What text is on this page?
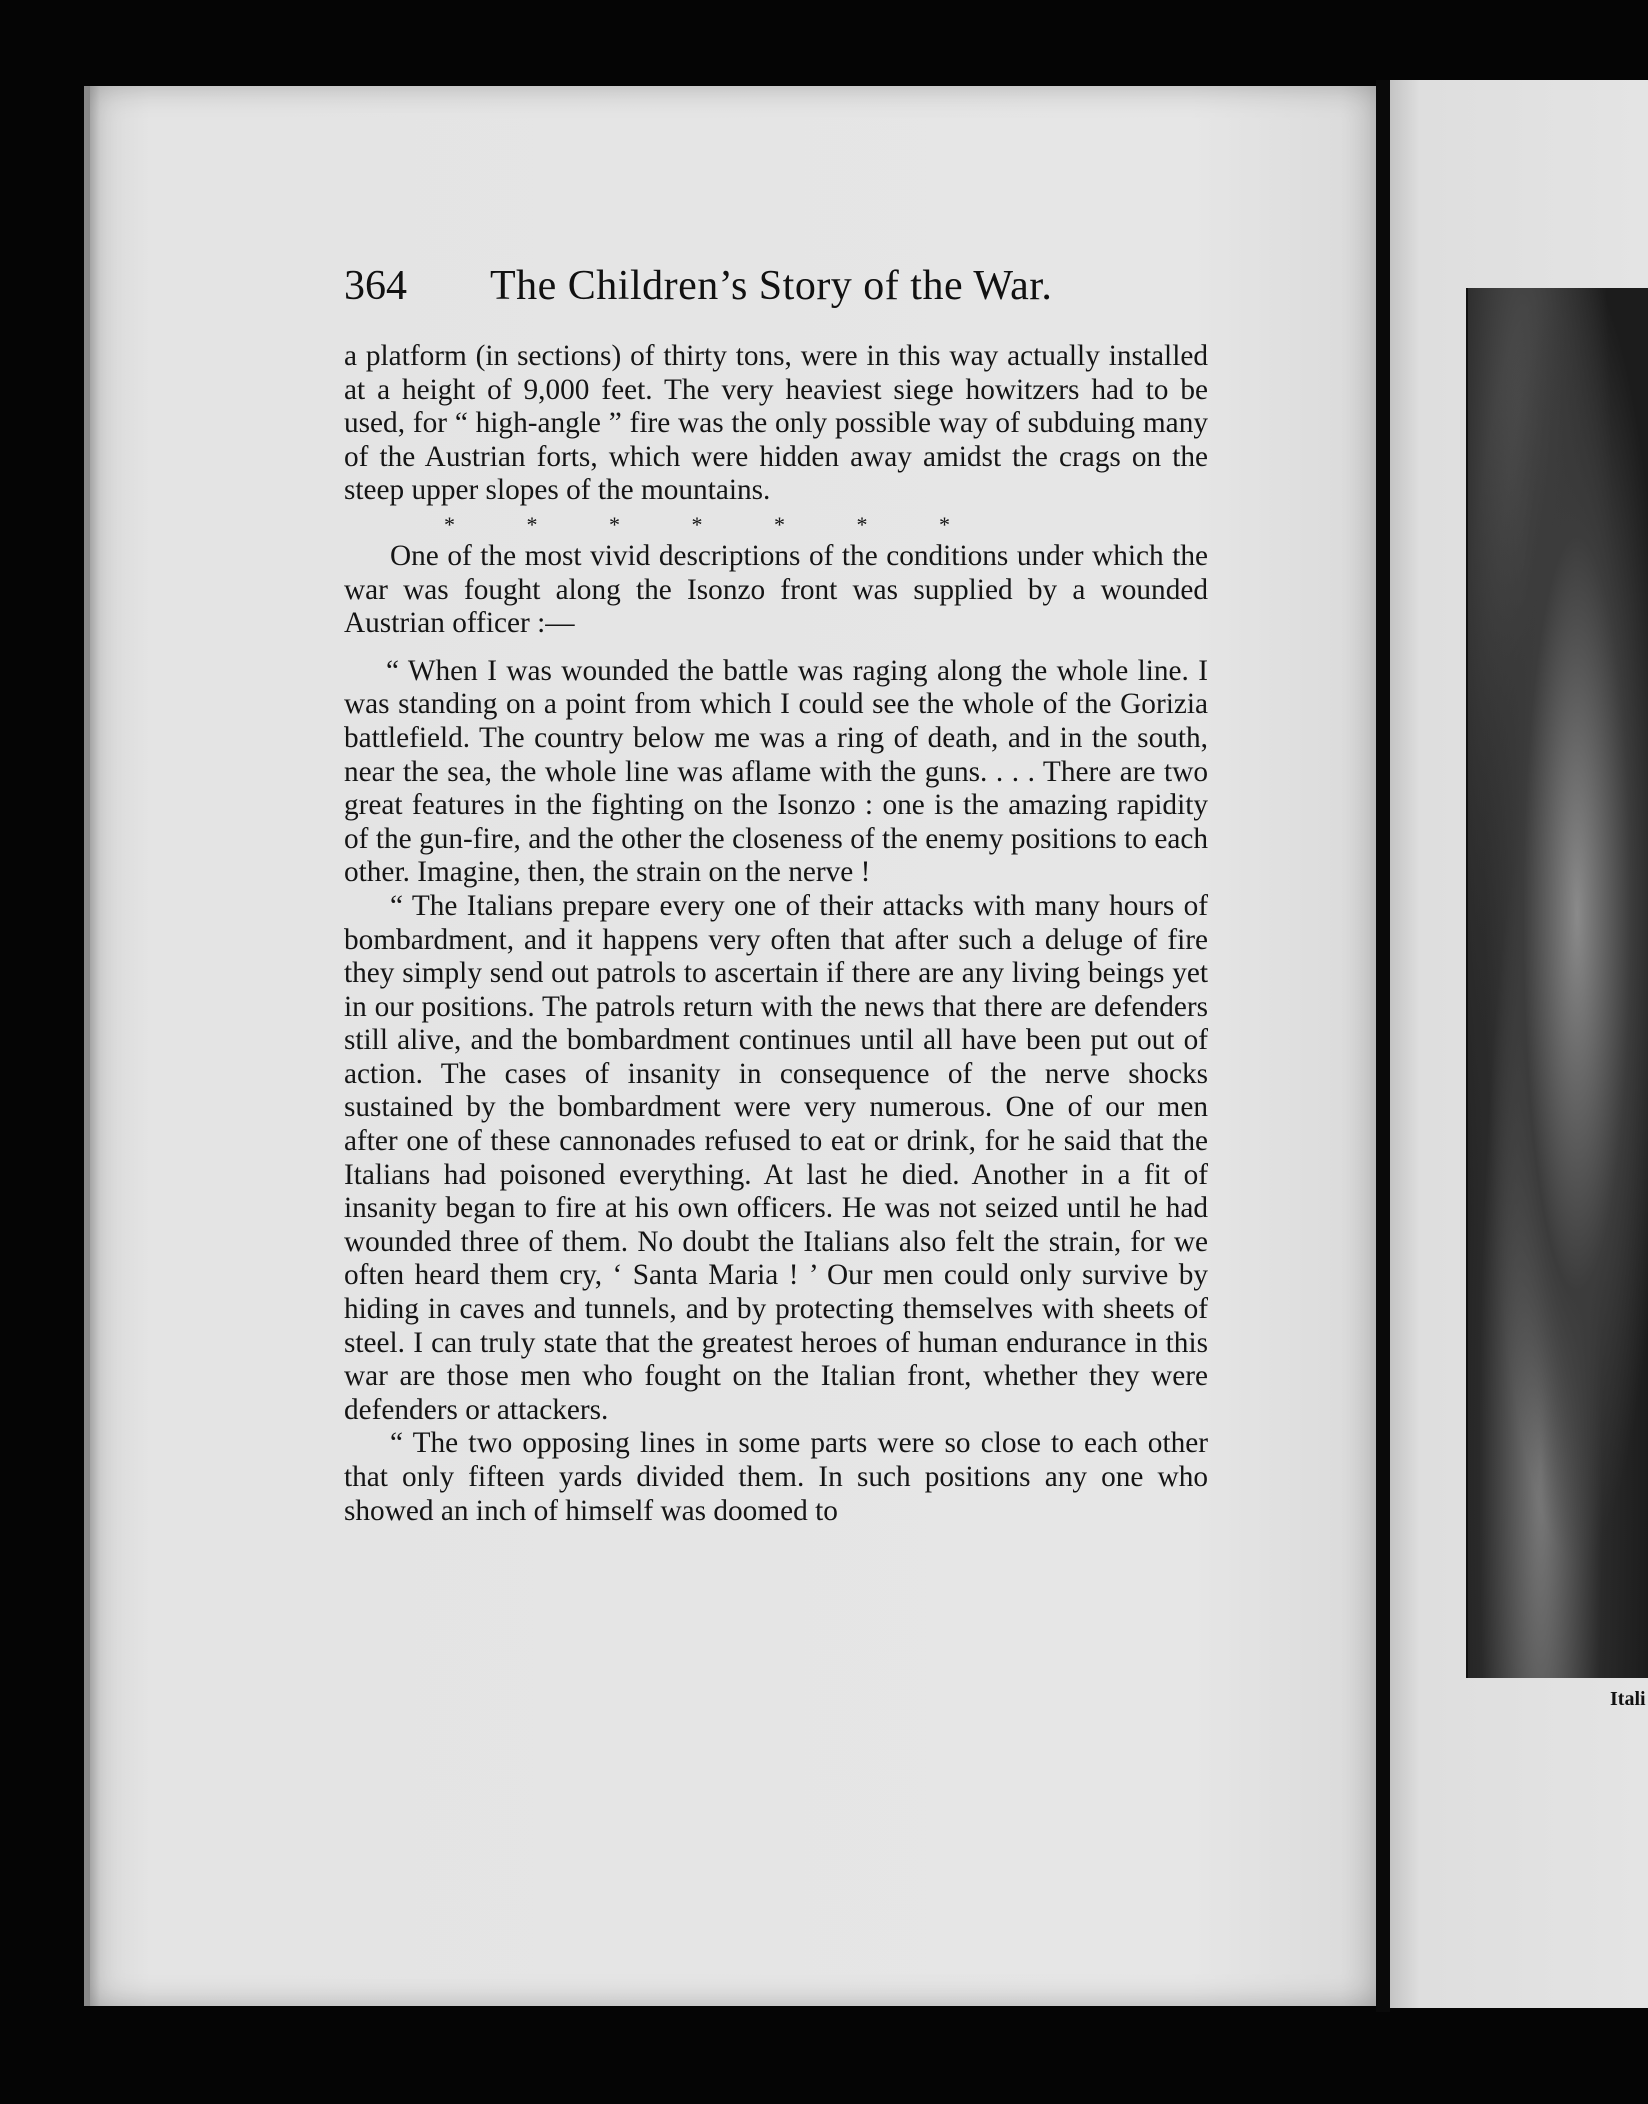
Itali
364 The Children’s Story of the War.

a platform (in sections) of thirty tons, were in this way actually installed at a height of 9,000 feet. The very heaviest siege howitzers had to be used, for “ high-angle ” fire was the only possible way of subduing many of the Austrian forts, which were hidden away amidst the crags on the steep upper slopes of the mountains.

* * * * * * *

One of the most vivid descriptions of the conditions under which the war was fought along the Isonzo front was supplied by a wounded Austrian officer :—

“ When I was wounded the battle was raging along the whole line. I was standing on a point from which I could see the whole of the Gorizia battlefield. The country below me was a ring of death, and in the south, near the sea, the whole line was aflame with the guns. . . . There are two great features in the fighting on the Isonzo : one is the amazing rapidity of the gun-fire, and the other the closeness of the enemy positions to each other. Imagine, then, the strain on the nerve !

“ The Italians prepare every one of their attacks with many hours of bombardment, and it happens very often that after such a deluge of fire they simply send out patrols to ascertain if there are any living beings yet in our positions. The patrols return with the news that there are defenders still alive, and the bombardment continues until all have been put out of action. The cases of insanity in consequence of the nerve shocks sustained by the bombardment were very numerous. One of our men after one of these cannonades refused to eat or drink, for he said that the Italians had poisoned everything. At last he died. Another in a fit of insanity began to fire at his own officers. He was not seized until he had wounded three of them. No doubt the Italians also felt the strain, for we often heard them cry, ‘ Santa Maria ! ’ Our men could only survive by hiding in caves and tunnels, and by protecting themselves with sheets of steel. I can truly state that the greatest heroes of human endurance in this war are those men who fought on the Italian front, whether they were defenders or attackers.

“ The two opposing lines in some parts were so close to each other that only fifteen yards divided them. In such positions any one who showed an inch of himself was doomed to
